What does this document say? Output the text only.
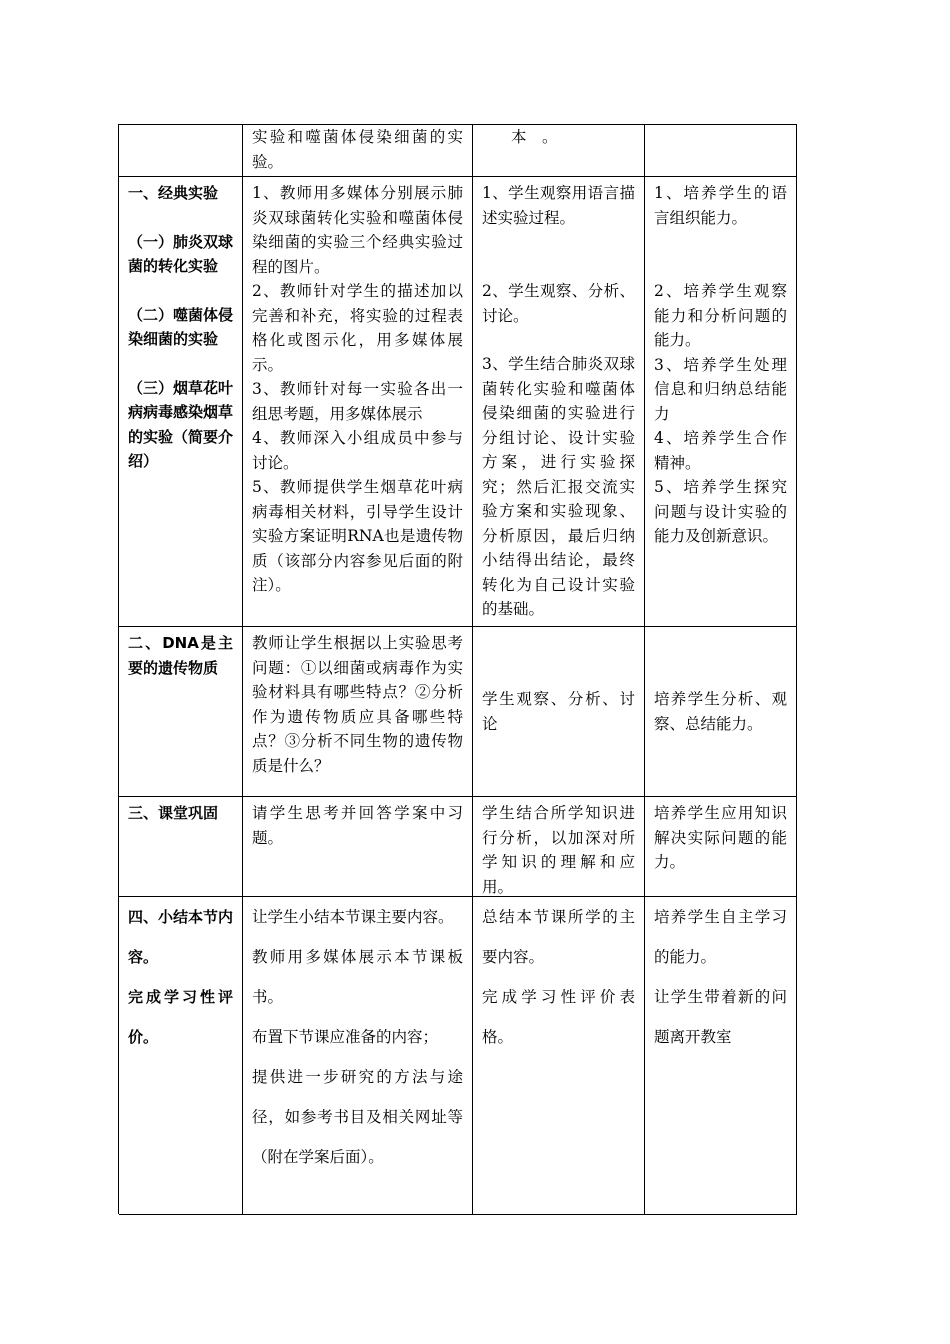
实验和噬菌体侵染细菌的实验。

本　。

一、经典实验

（一）肺炎双球菌的转化实验

（二）噬菌体侵染细菌的实验

（三）烟草花叶病病毒感染烟草的实验（简要介绍）

1、教师用多媒体分别展示肺炎双球菌转化实验和噬菌体侵染细菌的实验三个经典实验过程的图片。

2、教师针对学生的描述加以完善和补充，将实验的过程表格化或图示化，用多媒体展示。

3、教师针对每一实验各出一组思考题，用多媒体展示

4、教师深入小组成员中参与讨论。

5、教师提供学生烟草花叶病病毒相关材料，引导学生设计实验方案证明RNA也是遗传物质（该部分内容参见后面的附注）。

1、学生观察用语言描述实验过程。

2、学生观察、分析、讨论。

3、学生结合肺炎双球菌转化实验和噬菌体侵染细菌的实验进行分组讨论、设计实验方案，进行实验探究；然后汇报交流实验方案和实验现象、分析原因，最后归纳小结得出结论，最终转化为自己设计实验的基础。

1、培养学生的语言组织能力。

2、培养学生观察能力和分析问题的能力。

3、培养学生处理信息和归纳总结能力

4、培养学生合作精神。

5、培养学生探究问题与设计实验的能力及创新意识。

二、DNA是主要的遗传物质

教师让学生根据以上实验思考问题：①以细菌或病毒作为实验材料具有哪些特点？②分析作为遗传物质应具备哪些特点？③分析不同生物的遗传物质是什么？

学生观察、分析、讨论

培养学生分析、观察、总结能力。

三、课堂巩固	请学生思考并回答学案中习题。

学生结合所学知识进行分析，以加深对所学知识的理解和应用。

培养学生应用知识解决实际问题的能力。

四、小结本节内容。

完成学习性评价。

让学生小结本节课主要内容。

教师用多媒体展示本节课板书。

布置下节课应准备的内容；

提供进一步研究的方法与途径，如参考书目及相关网址等（附在学案后面）。

总结本节课所学的主要内容。

完成学习性评价表格。

培养学生自主学习的能力。

让学生带着新的问题离开教室
